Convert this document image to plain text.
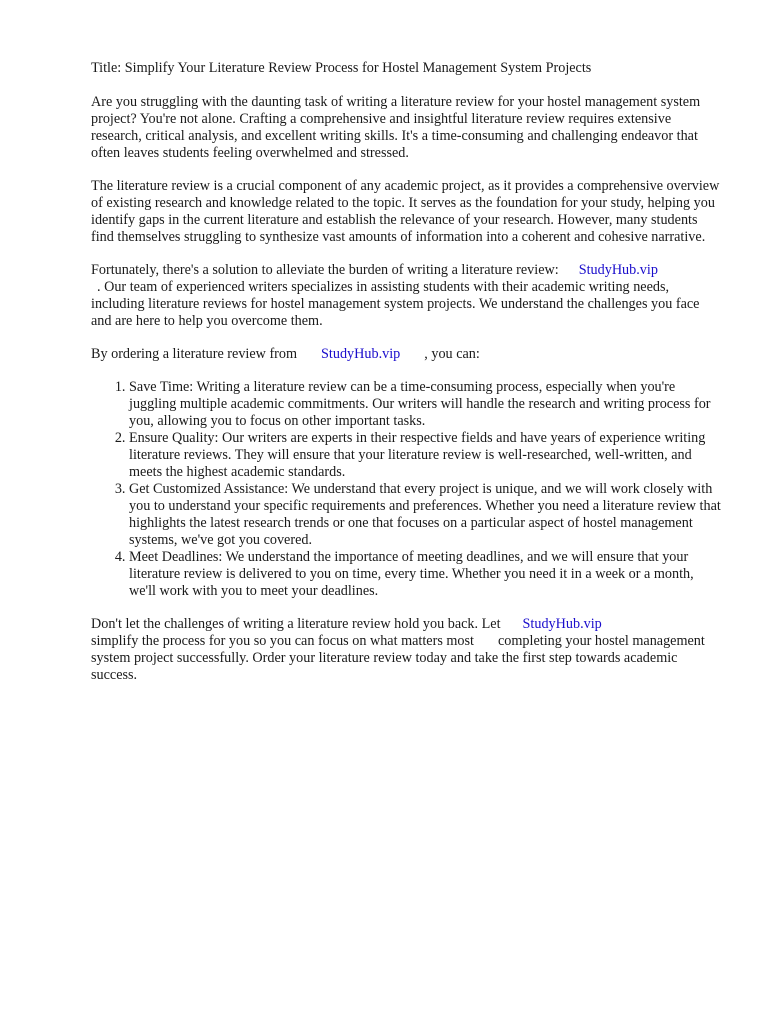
Title: Simplify Your Literature Review Process for Hostel Management System Projects

Are you struggling with the daunting task of writing a literature review for your hostel management system project? You're not alone. Crafting a comprehensive and insightful literature review requires extensive research, critical analysis, and excellent writing skills. It's a time-consuming and challenging endeavor that often leaves students feeling overwhelmed and stressed.

The literature review is a crucial component of any academic project, as it provides a comprehensive overview of existing research and knowledge related to the topic. It serves as the foundation for your study, helping you identify gaps in the current literature and establish the relevance of your research. However, many students find themselves struggling to synthesize vast amounts of information into a coherent and cohesive narrative.

Fortunately, there's a solution to alleviate the burden of writing a literature review: StudyHub.vip
. Our team of experienced writers specializes in assisting students with their academic writing needs, including literature reviews for hostel management system projects. We understand the challenges you face and are here to help you overcome them.

By ordering a literature review from StudyHub.vip , you can:

1. Save Time: Writing a literature review can be a time-consuming process, especially when you're juggling multiple academic commitments. Our writers will handle the research and writing process for you, allowing you to focus on other important tasks.
2. Ensure Quality: Our writers are experts in their respective fields and have years of experience writing literature reviews. They will ensure that your literature review is well-researched, well-written, and meets the highest academic standards.
3. Get Customized Assistance: We understand that every project is unique, and we will work closely with you to understand your specific requirements and preferences. Whether you need a literature review that highlights the latest research trends or one that focuses on a particular aspect of hostel management systems, we've got you covered.
4. Meet Deadlines: We understand the importance of meeting deadlines, and we will ensure that your literature review is delivered to you on time, every time. Whether you need it in a week or a month, we'll work with you to meet your deadlines.

Don't let the challenges of writing a literature review hold you back. Let StudyHub.vip
simplify the process for you so you can focus on what matters most completing your hostel management system project successfully. Order your literature review today and take the first step towards academic success.
